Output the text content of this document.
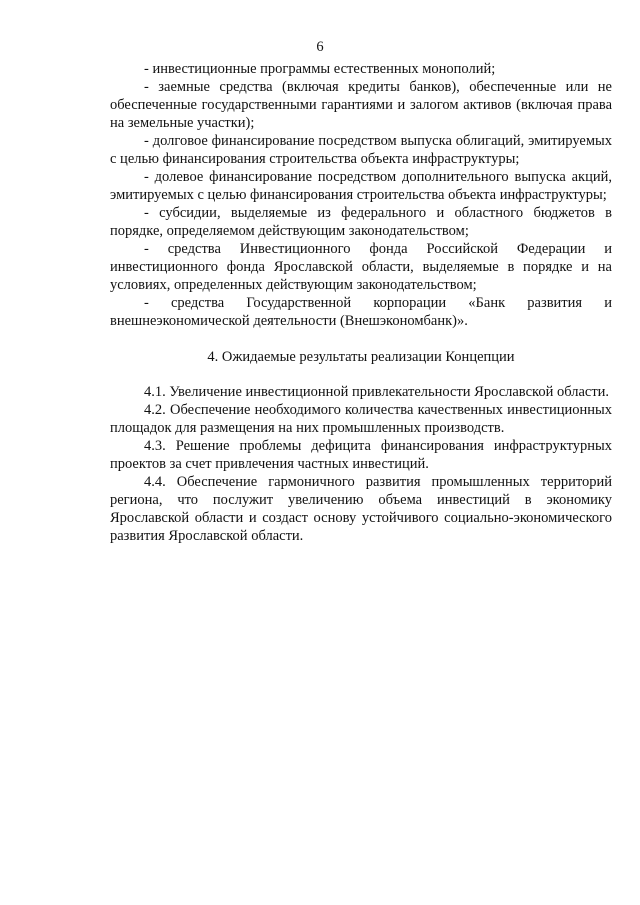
6

- инвестиционные программы естественных монополий;

- заемные средства (включая кредиты банков), обеспеченные или не обеспеченные государственными гарантиями и залогом активов (включая права на земельные участки);

- долговое финансирование посредством выпуска облигаций, эмитируемых с целью финансирования строительства объекта инфраструктуры;

- долевое финансирование посредством дополнительного выпуска акций, эмитируемых с целью финансирования строительства объекта инфраструктуры;

- субсидии, выделяемые из федерального и областного бюджетов в порядке, определяемом действующим законодательством;

- средства Инвестиционного фонда Российской Федерации и инвестиционного фонда Ярославской области, выделяемые в порядке и на условиях, определенных действующим законодательством;

- средства Государственной корпорации «Банк развития и внешнеэкономической деятельности (Внешэкономбанк)».

4. Ожидаемые результаты реализации Концепции

4.1. Увеличение инвестиционной привлекательности Ярославской области.

4.2. Обеспечение необходимого количества качественных инвестиционных площадок для размещения на них промышленных производств.

4.3. Решение проблемы дефицита финансирования инфраструктурных проектов за счет привлечения частных инвестиций.

4.4. Обеспечение гармоничного развития промышленных территорий региона, что послужит увеличению объема инвестиций в экономику Ярославской области и создаст основу устойчивого социально-экономического развития Ярославской области.
